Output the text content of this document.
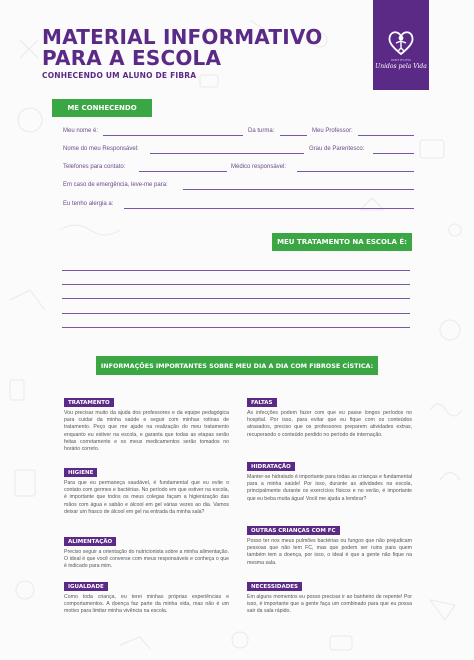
MATERIAL INFORMATIVO
PARA A ESCOLA
CONHECENDO UM ALUNO DE FIBRA
INSTITUTO
Unidos pela Vida
ME CONHECENDO
Meu nome é:	Da turma:	Meu Professor:
Nome do meu Responsável:	Grau de Parentesco:
Telefones para contato:	Médico responsável:
Em caso de emergência, leve-me para:
Eu tenho alergia a:
MEU TRATAMENTO NA ESCOLA É:
INFORMAÇÕES IMPORTANTES SOBRE MEU DIA A DIA COM FIBROSE CÍSTICA:
TRATAMENTO
Vou precisar muito da ajuda dos professores e da equipe pedagógica para cuidar da minha saúde e seguir com minhas rotinas de tratamento. Peço que me ajude na realização do meu tratamento enquanto eu estiver na escola, e garanta que todas as etapas serão feitas corretamente e os meus medicamentos serão tomados no horário correto.
HIGIENE
Para que eu permaneça saudável, é fundamental que eu evite o contato com germes e bactérias. No período em que estiver na escola, é importante que todos os meus colegas façam a higienização das mãos com água e sabão e álcool em gel várias vezes ao dia. Vamos deixar um frasco de álcool em gel na entrada da minha sala?
ALIMENTAÇÃO
Preciso seguir a orientação do nutricionista sobre a minha alimentação. O ideal é que você converse com meus responsáveis e conheça o que é indicado para mim.
IGUALDADE
Como toda criança, eu terei minhas próprias experiências e comportamentos. A doença faz parte da minha vida, mas não é um motivo para limitar minha vivência na escola.
FALTAS
As infecções podem fazer com que eu passe longos períodos no hospital. Por isso, para evitar que eu fique com os conteúdos atrasados, preciso que os professores preparem atividades extras, recuperando o conteúdo perdido no período de internação.
HIDRATAÇÃO
Manter-se hidratado é importante para todas as crianças e fundamental para a minha saúde! Por isso, durante as atividades na escola, principalmente durante os exercícios físicos e no verão, é importante que eu beba muita água! Você me ajuda a lembrar?
OUTRAS CRIANÇAS COM FC
Posso ter nos meus pulmões bactérias ou fungos que não prejudicam pessoas que não tem FC, mas que podem ser ruins para quem também tem a doença, por isso, o ideal é que a gente não fique na mesma sala.
NECESSIDADES
Em alguns momentos eu posso precisar ir ao banheiro de repente! Por isso, é importante que a gente faça um combinado para que eu possa sair da sala rápido.
